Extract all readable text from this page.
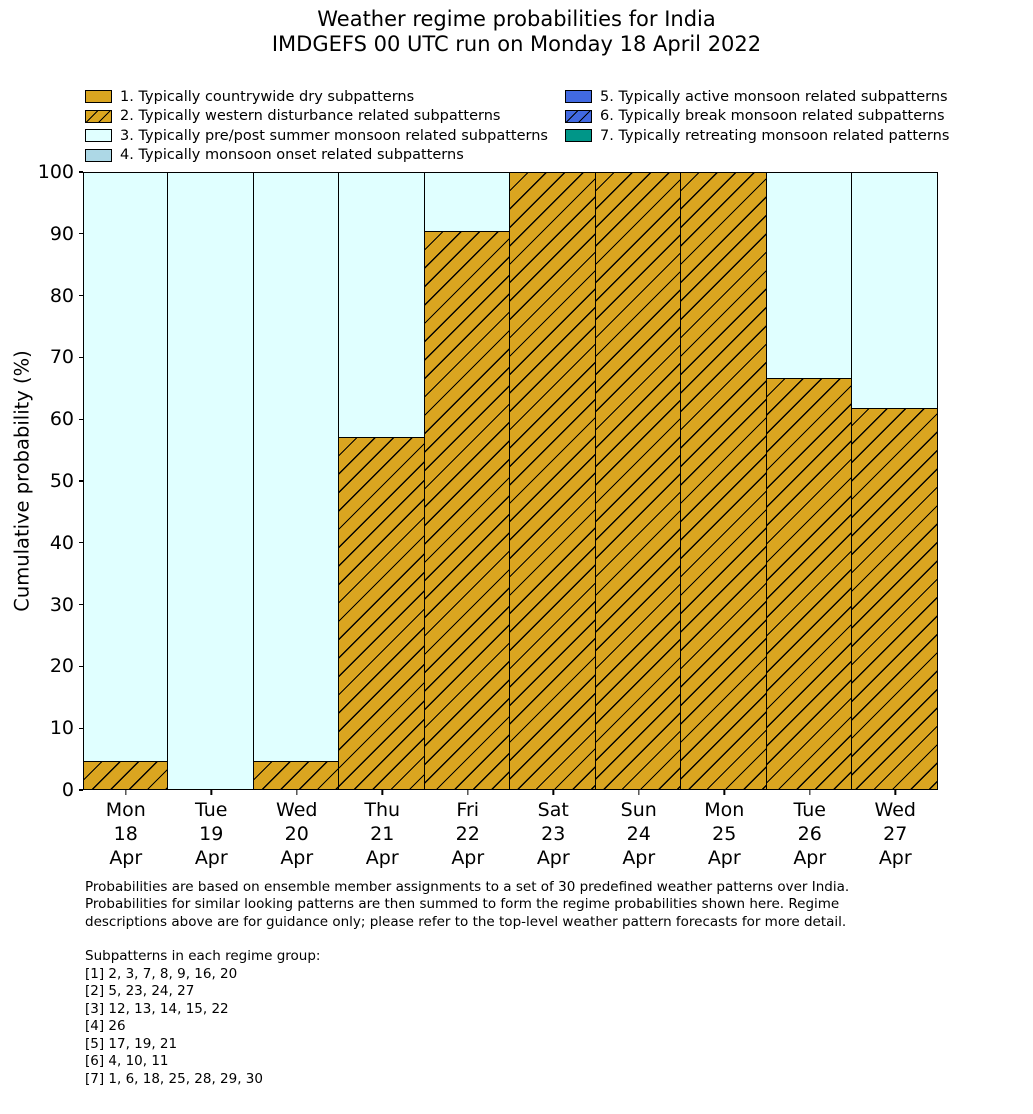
Weather regime probabilities for India
IMDGEFS 00 UTC run on Monday 18 April 2022
1. Typically countrywide dry subpatterns
2. Typically western disturbance related subpatterns
3. Typically pre/post summer monsoon related subpatterns
4. Typically monsoon onset related subpatterns
5. Typically active monsoon related subpatterns
6. Typically break monsoon related subpatterns
7. Typically retreating monsoon related patterns
Cumulative probability (%)
0
10
20
30
40
50
60
70
80
90
100
Mon
18
Apr
Tue
19
Apr
Wed
20
Apr
Thu
21
Apr
Fri
22
Apr
Sat
23
Apr
Sun
24
Apr
Mon
25
Apr
Tue
26
Apr
Wed
27
Apr
Probabilities are based on ensemble member assignments to a set of 30 predefined weather patterns over India.
Probabilities for similar looking patterns are then summed to form the regime probabilities shown here. Regime
descriptions above are for guidance only; please refer to the top-level weather pattern forecasts for more detail.
Subpatterns in each regime group:
[1] 2, 3, 7, 8, 9, 16, 20
[2] 5, 23, 24, 27
[3] 12, 13, 14, 15, 22
[4] 26
[5] 17, 19, 21
[6] 4, 10, 11
[7] 1, 6, 18, 25, 28, 29, 30
